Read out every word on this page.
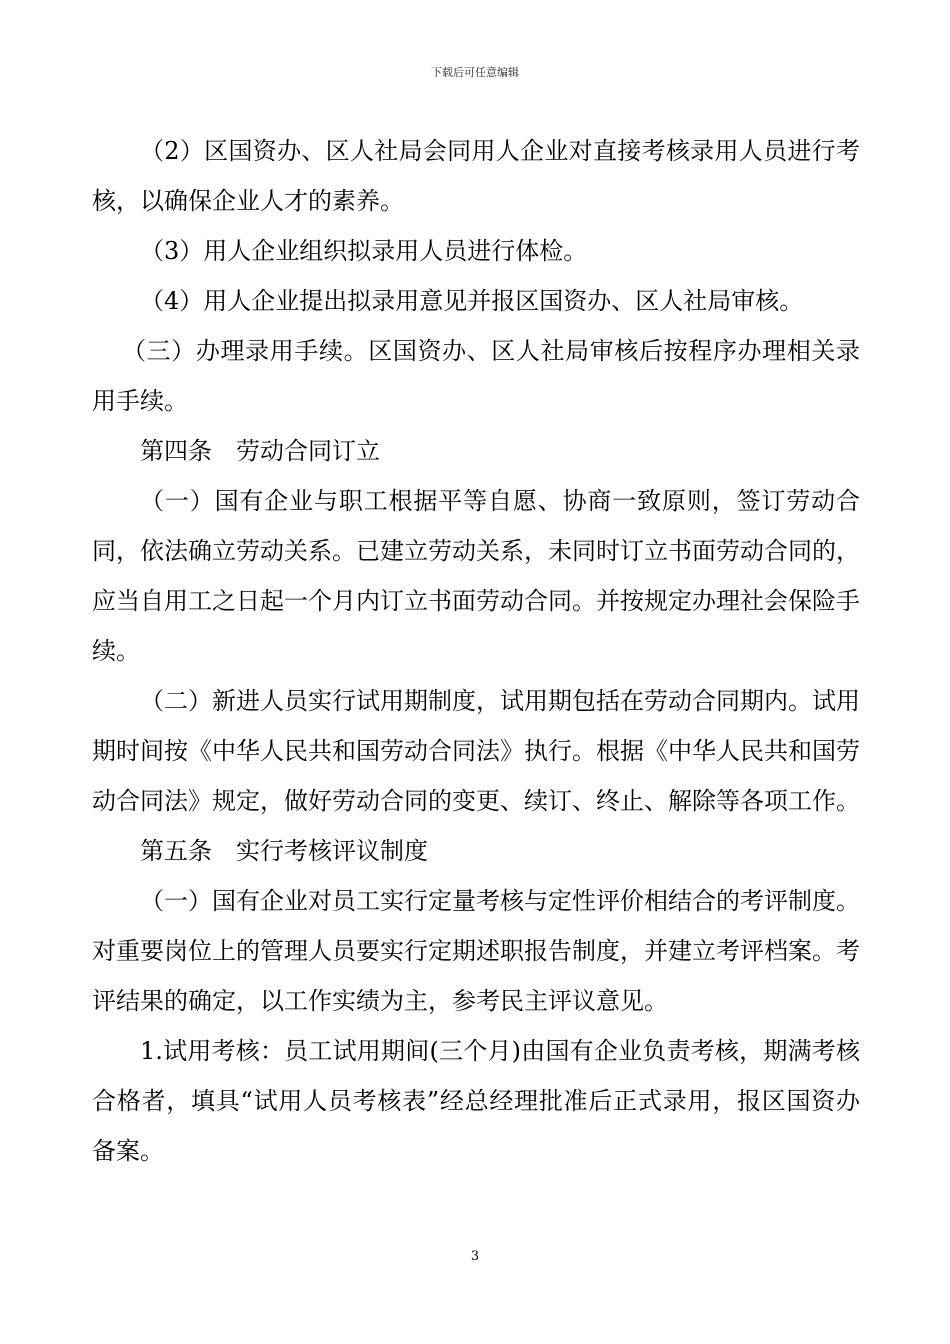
下载后可任意编辑

（2）区国资办、区人社局会同用人企业对直接考核录用人员进行考核，以确保企业人才的素养。

（3）用人企业组织拟录用人员进行体检。

（4）用人企业提出拟录用意见并报区国资办、区人社局审核。

（三）办理录用手续。区国资办、区人社局审核后按程序办理相关录用手续。

第四条 劳动合同订立

（一）国有企业与职工根据平等自愿、协商一致原则，签订劳动合同，依法确立劳动关系。已建立劳动关系，未同时订立书面劳动合同的，应当自用工之日起一个月内订立书面劳动合同。并按规定办理社会保险手续。

（二）新进人员实行试用期制度，试用期包括在劳动合同期内。试用期时间按《中华人民共和国劳动合同法》执行。根据《中华人民共和国劳动合同法》规定，做好劳动合同的变更、续订、终止、解除等各项工作。

第五条 实行考核评议制度

（一）国有企业对员工实行定量考核与定性评价相结合的考评制度。对重要岗位上的管理人员要实行定期述职报告制度，并建立考评档案。考评结果的确定，以工作实绩为主，参考民主评议意见。

1.试用考核：员工试用期间(三个月)由国有企业负责考核，期满考核合格者，填具“试用人员考核表”经总经理批准后正式录用，报区国资办备案。

3
